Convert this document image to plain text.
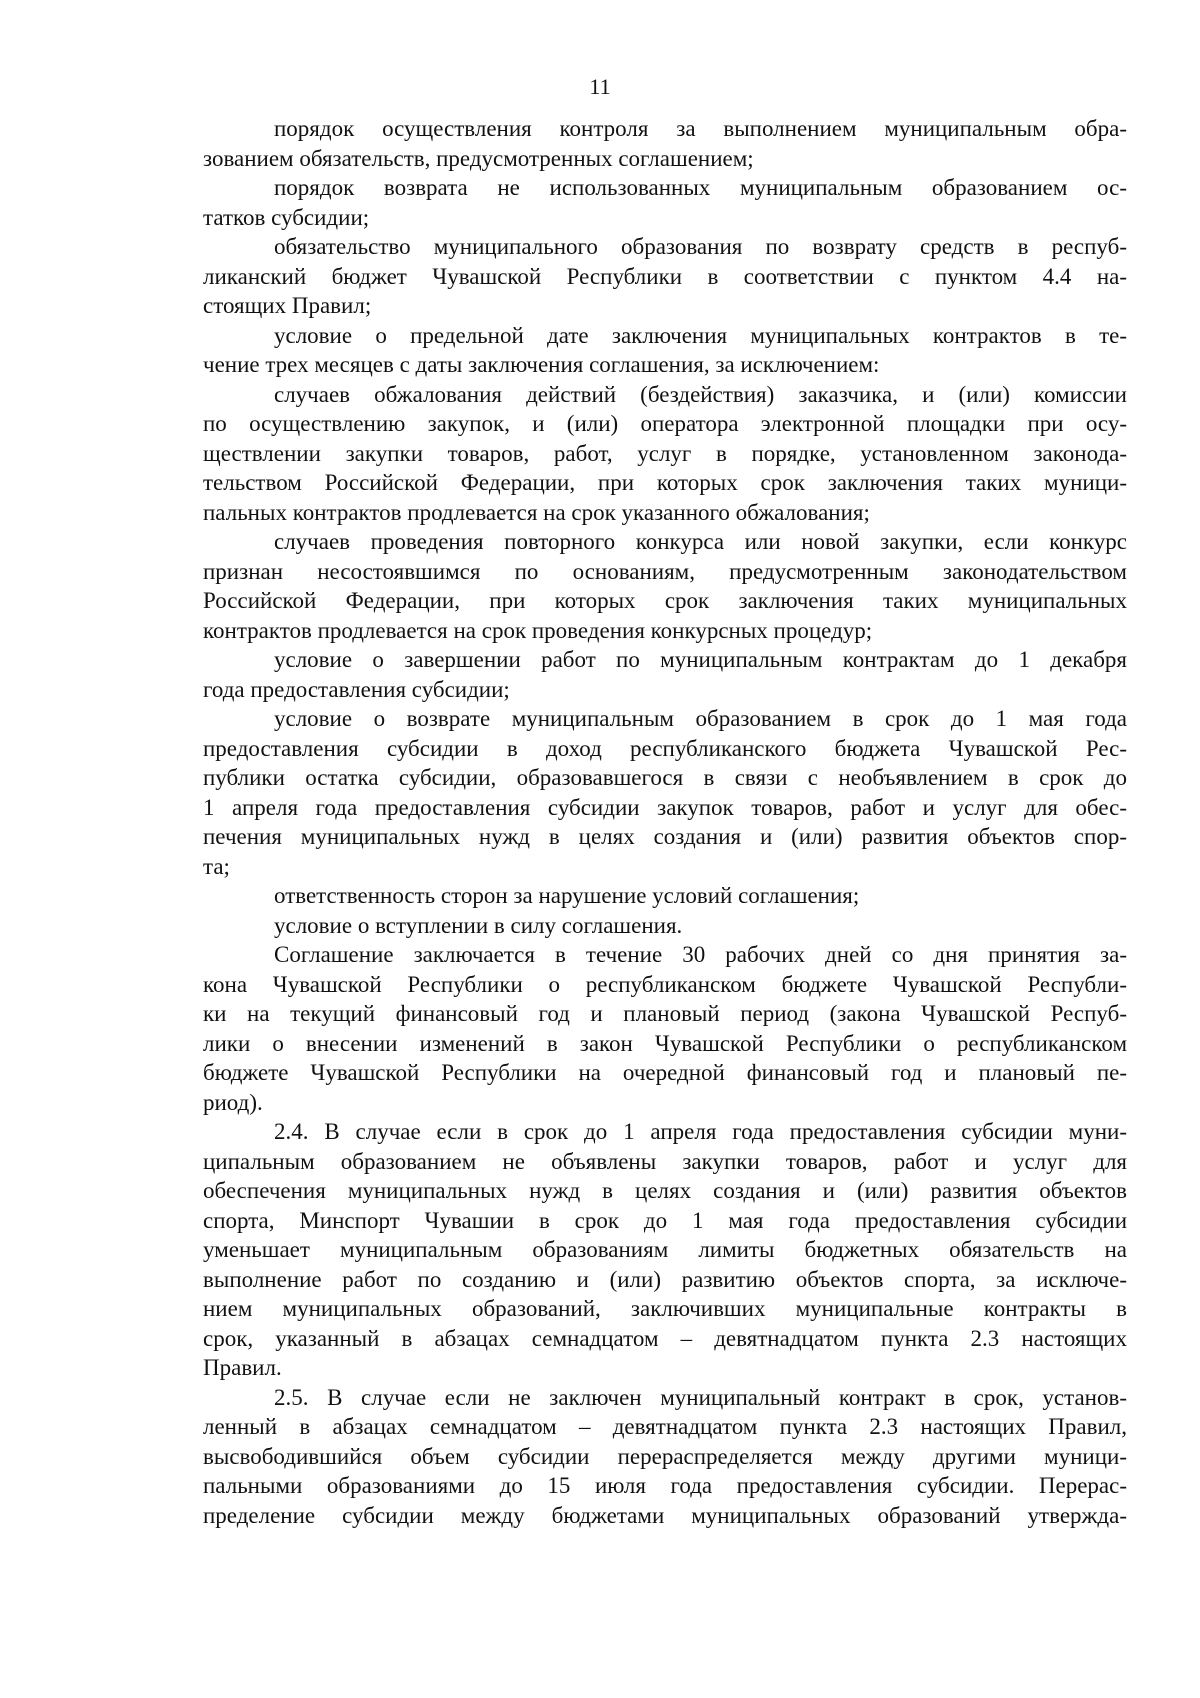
11
порядок осуществления контроля за выполнением муниципальным обра-
зованием обязательств, предусмотренных соглашением;
порядок возврата не использованных муниципальным образованием ос-
татков субсидии;
обязательство муниципального образования по возврату средств в респуб-
ликанский бюджет Чувашской Республики в соответствии с пунктом 4.4 на-
стоящих Правил;
условие о предельной дате заключения муниципальных контрактов в те-
чение трех месяцев с даты заключения соглашения, за исключением:
случаев обжалования действий (бездействия) заказчика, и (или) комиссии
по осуществлению закупок, и (или) оператора электронной площадки при осу-
ществлении закупки товаров, работ, услуг в порядке, установленном законода-
тельством Российской Федерации, при которых срок заключения таких муници-
пальных контрактов продлевается на срок указанного обжалования;
случаев проведения повторного конкурса или новой закупки, если конкурс
признан несостоявшимся по основаниям, предусмотренным законодательством
Российской Федерации, при которых срок заключения таких муниципальных
контрактов продлевается на срок проведения конкурсных процедур;
условие о завершении работ по муниципальным контрактам до 1 декабря
года предоставления субсидии;
условие о возврате муниципальным образованием в срок до 1 мая года
предоставления субсидии в доход республиканского бюджета Чувашской Рес-
публики остатка субсидии, образовавшегося в связи с необъявлением в срок до
1 апреля года предоставления субсидии закупок товаров, работ и услуг для обес-
печения муниципальных нужд в целях создания и (или) развития объектов спор-
та;
ответственность сторон за нарушение условий соглашения;
условие о вступлении в силу соглашения.
Соглашение заключается в течение 30 рабочих дней со дня принятия за-
кона Чувашской Республики о республиканском бюджете Чувашской Республи-
ки на текущий финансовый год и плановый период (закона Чувашской Респуб-
лики о внесении изменений в закон Чувашской Республики о республиканском
бюджете Чувашской Республики на очередной финансовый год и плановый пе-
риод).
2.4. В случае если в срок до 1 апреля года предоставления субсидии муни-
ципальным образованием не объявлены закупки товаров, работ и услуг для
обеспечения муниципальных нужд в целях создания и (или) развития объектов
спорта, Минспорт Чувашии в срок до 1 мая года предоставления субсидии
уменьшает муниципальным образованиям лимиты бюджетных обязательств на
выполнение работ по созданию и (или) развитию объектов спорта, за исключе-
нием муниципальных образований, заключивших муниципальные контракты в
срок, указанный в абзацах семнадцатом – девятнадцатом пункта 2.3 настоящих
Правил.
2.5. В случае если не заключен муниципальный контракт в срок, установ-
ленный в абзацах семнадцатом – девятнадцатом пункта 2.3 настоящих Правил,
высвободившийся объем субсидии перераспределяется между другими муници-
пальными образованиями до 15 июля года предоставления субсидии. Перерас-
пределение субсидии между бюджетами муниципальных образований утвержда-
